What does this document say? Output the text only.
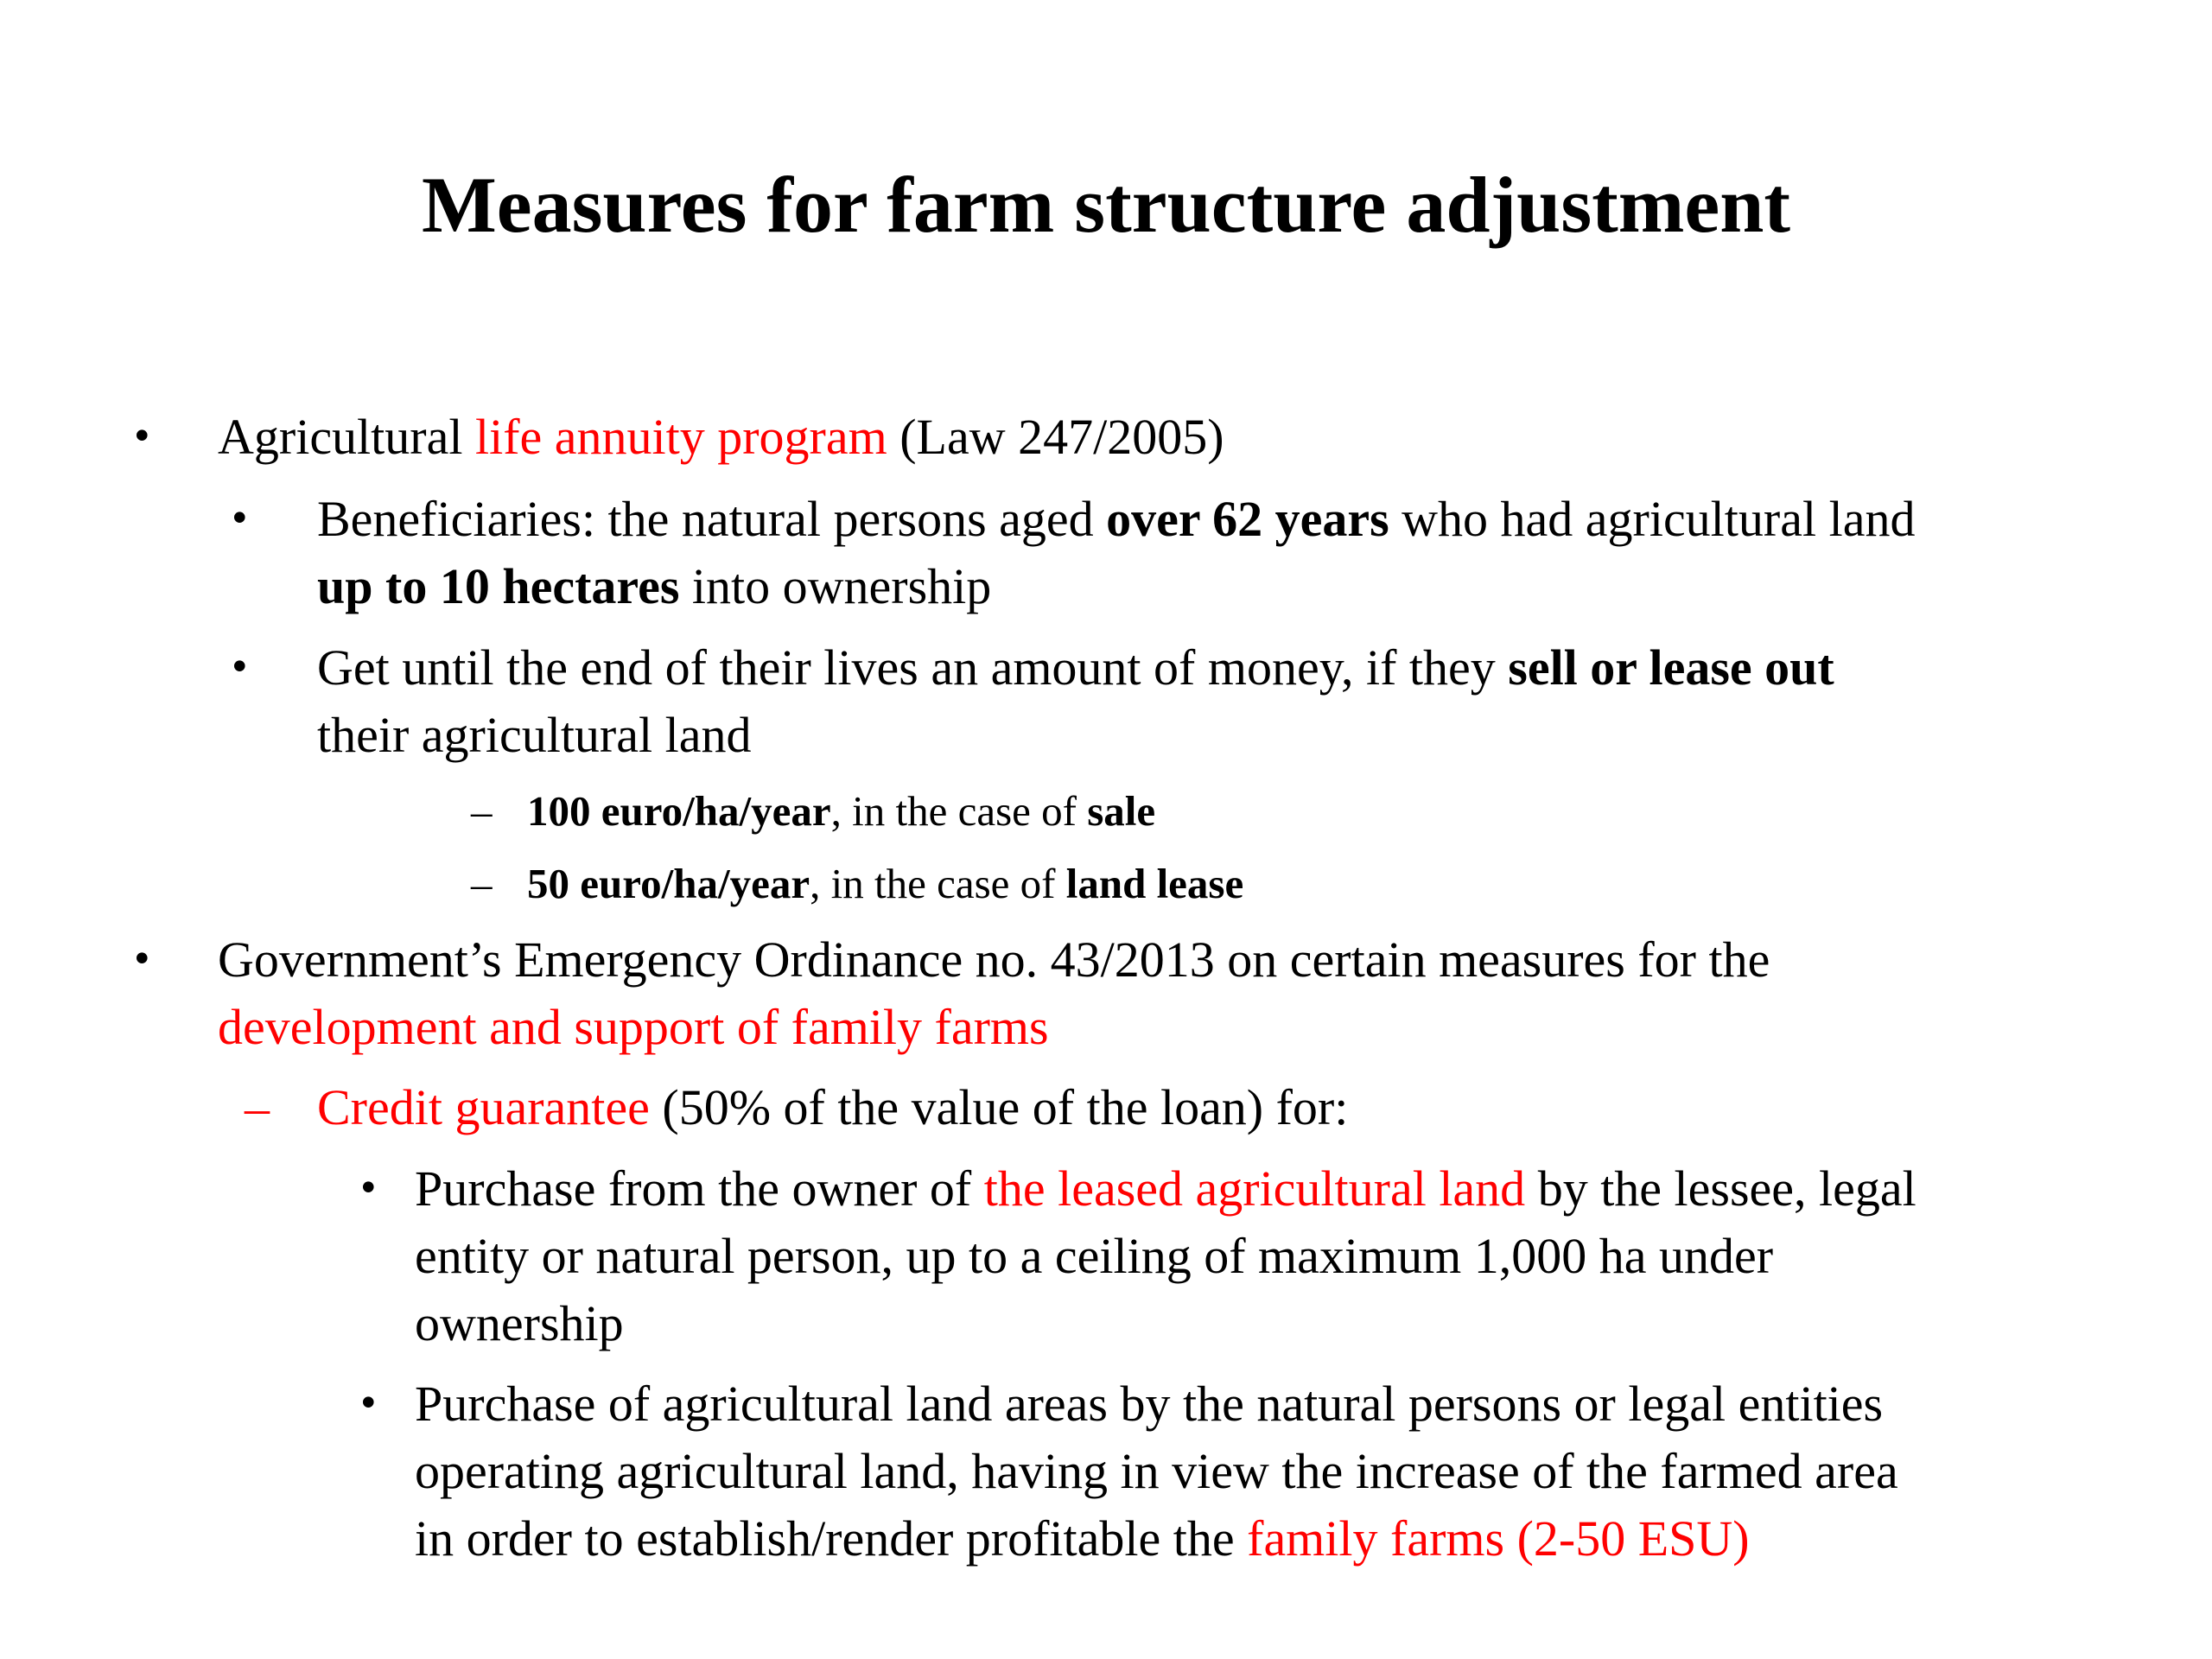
Measures for farm structure adjustment
• Agricultural life annuity program (Law 247/2005)
• Beneficiaries: the natural persons aged over 62 years who had agricultural land
up to 10 hectares into ownership
• Get until the end of their lives an amount of money, if they sell or lease out
their agricultural land
– 100 euro/ha/year, in the case of sale
– 50 euro/ha/year, in the case of land lease
• Government’s Emergency Ordinance no. 43/2013 on certain measures for the
development and support of family farms
– Credit guarantee (50% of the value of the loan) for:
• Purchase from the owner of the leased agricultural land by the lessee, legal
entity or natural person, up to a ceiling of maximum 1,000 ha under
ownership
• Purchase of agricultural land areas by the natural persons or legal entities
operating agricultural land, having in view the increase of the farmed area
in order to establish/render profitable the family farms (2-50 ESU)
